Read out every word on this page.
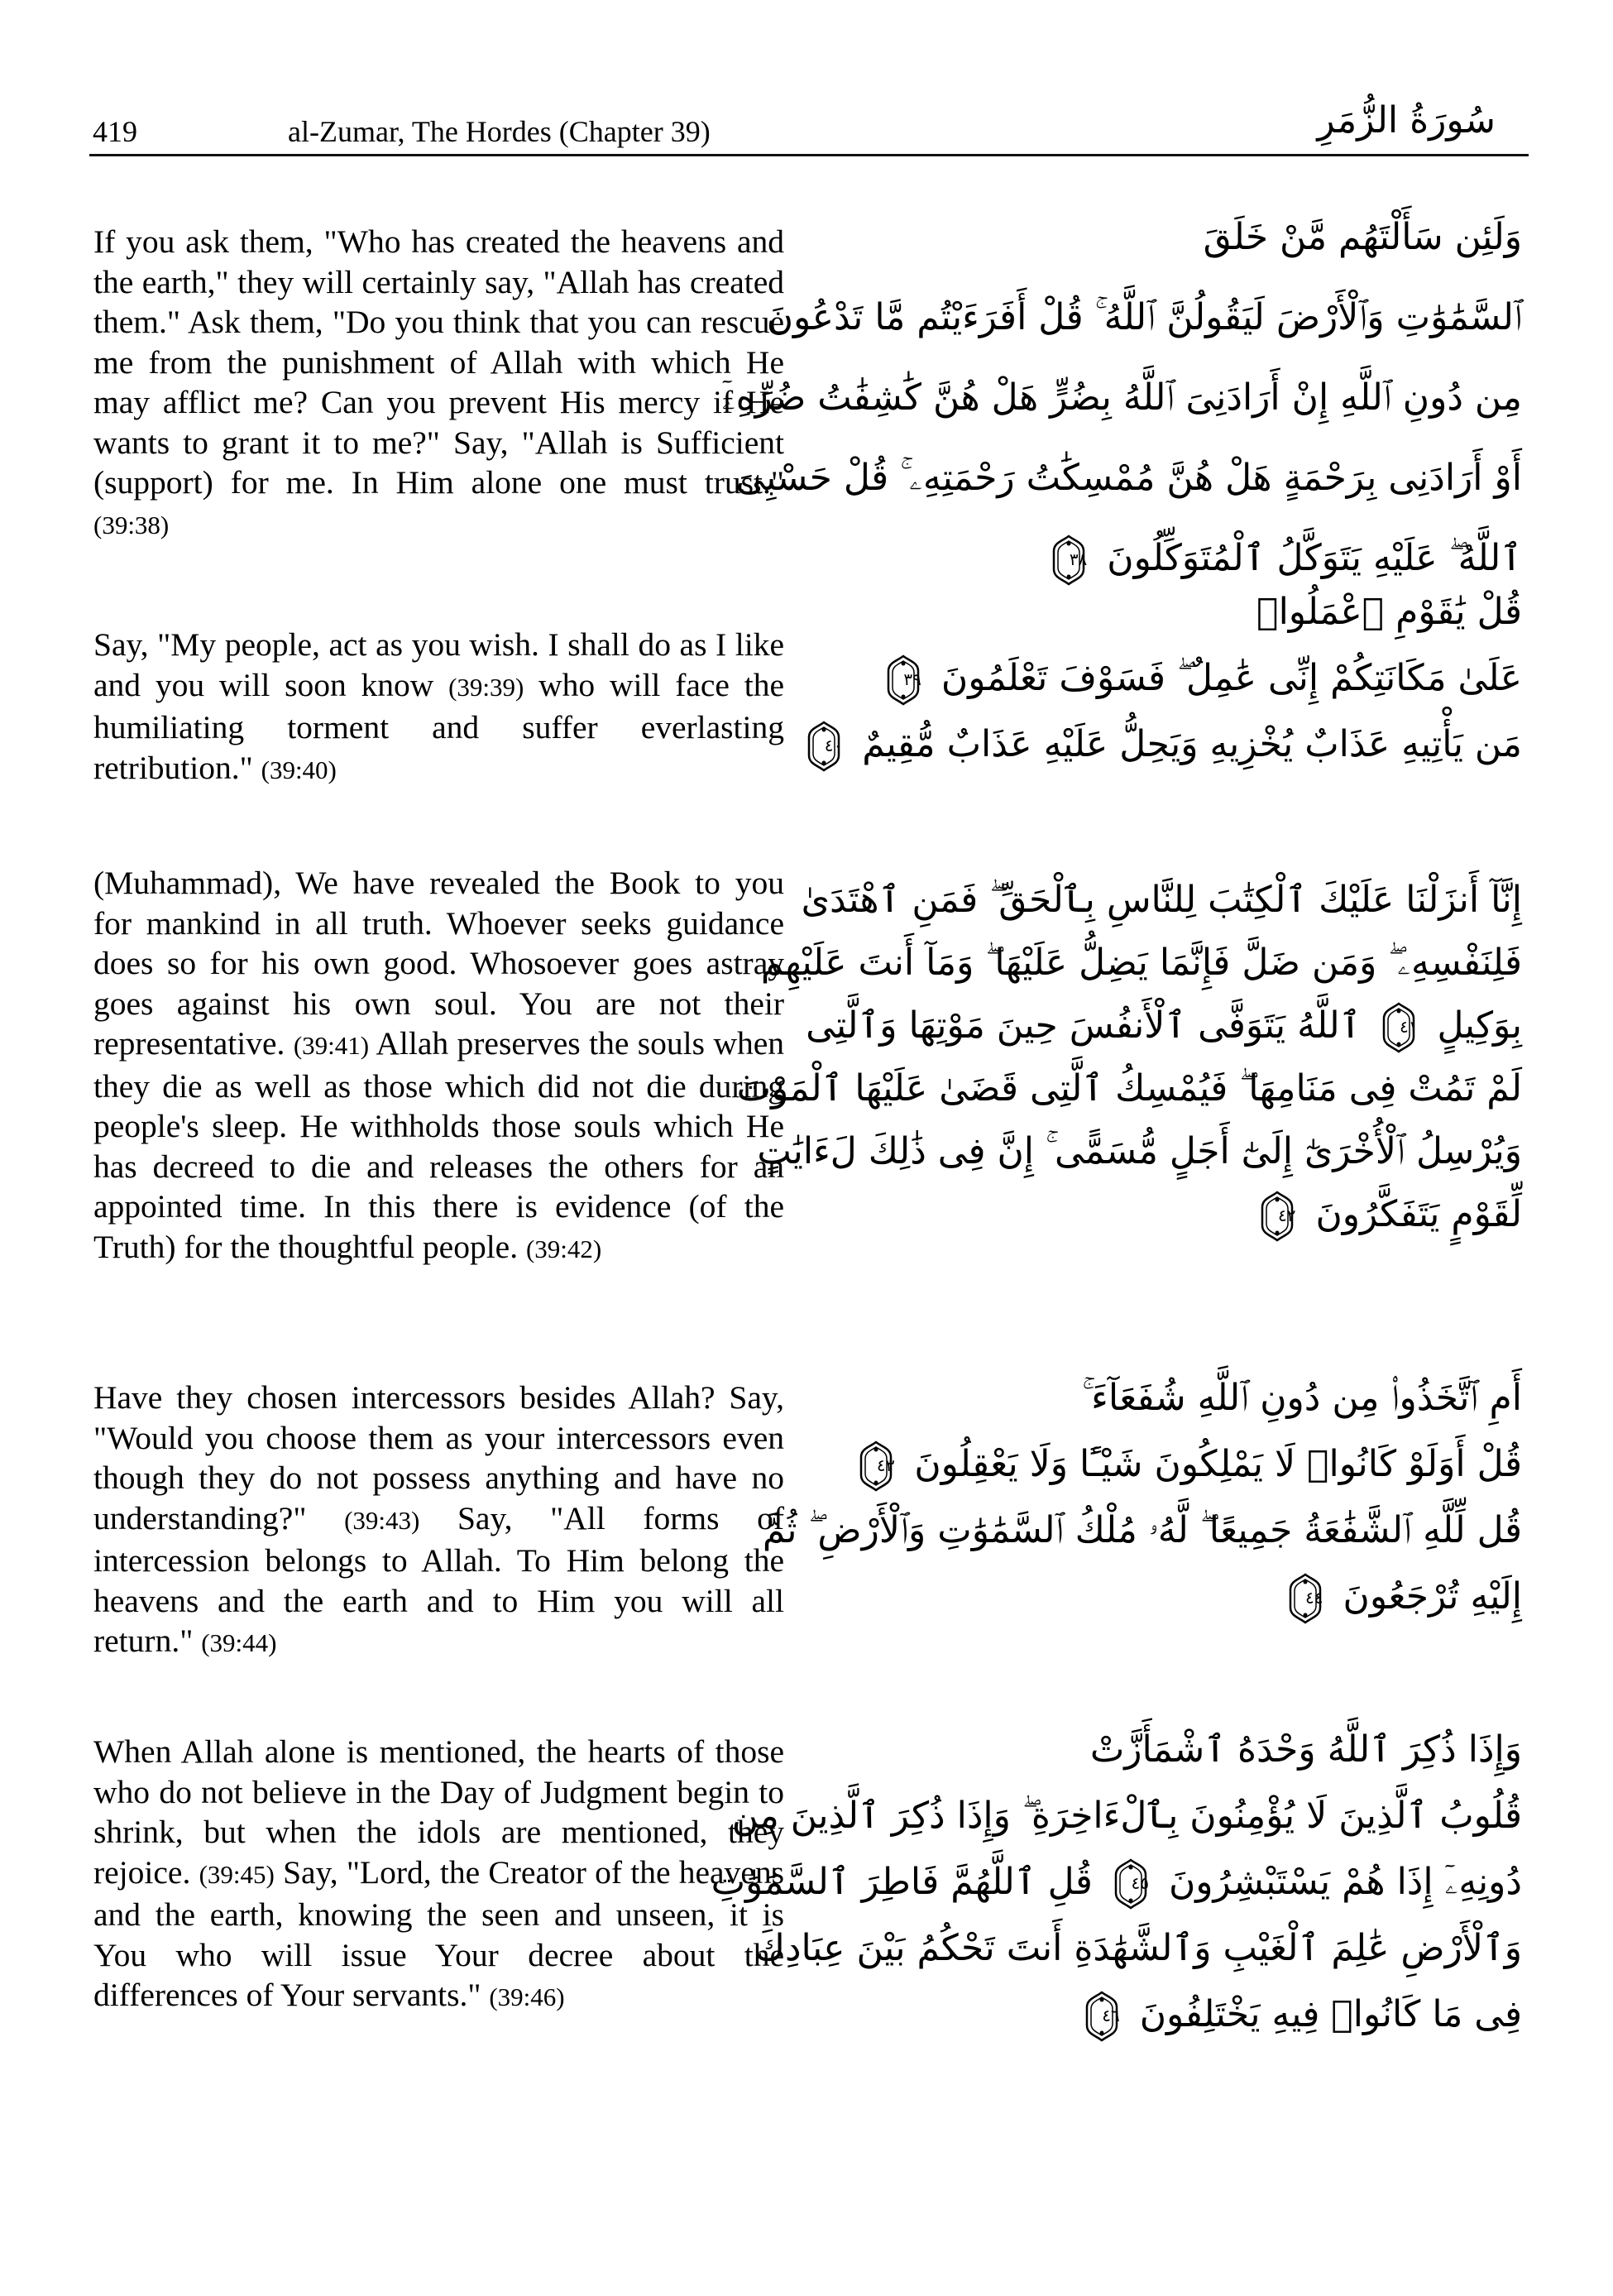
419	al-Zumar, The Hordes (Chapter 39)	سُورَةُ الزُّمَرِ
If you ask them, "Who has created the heavens and the earth," they will certainly say, "Allah has created them." Ask them, "Do you think that you can rescue me from the punishment of Allah with which He may afflict me? Can you prevent His mercy if He wants to grant it to me?" Say, "Allah is Sufficient (support) for me. In Him alone one must trust." (39:38)
وَلَئِن سَأَلْتَهُم مَّنْ خَلَقَ
ٱلسَّمَٰوَٰتِ وَٱلْأَرْضَ لَيَقُولُنَّ ٱللَّهُ ۚ قُلْ أَفَرَءَيْتُم مَّا تَدْعُونَ
مِن دُونِ ٱللَّهِ إِنْ أَرَادَنِىَ ٱللَّهُ بِضُرٍّ هَلْ هُنَّ كَٰشِفَٰتُ ضُرِّهِۦٓ
أَوْ أَرَادَنِى بِرَحْمَةٍ هَلْ هُنَّ مُمْسِكَٰتُ رَحْمَتِهِۦ ۚ قُلْ حَسْبِىَ
ٱللَّهُ ۖ عَلَيْهِ يَتَوَكَّلُ ٱلْمُتَوَكِّلُونَ
٣٨
Say, "My people, act as you wish. I shall do as I like and you will soon know (39:39) who will face the humiliating torment and suffer everlasting retribution." (39:40)
قُلْ يَٰقَوْمِ ٱعْمَلُوا۟
عَلَىٰ مَكَانَتِكُمْ إِنِّى عَٰمِلٌ ۖ فَسَوْفَ تَعْلَمُونَ
٣٩
مَن يَأْتِيهِ عَذَابٌ يُخْزِيهِ وَيَحِلُّ عَلَيْهِ عَذَابٌ مُّقِيمٌ
٤٠
(Muhammad), We have revealed the Book to you for mankind in all truth. Whoever seeks guidance does so for his own good. Whosoever goes astray goes against his own soul. You are not their representative. (39:41) Allah preserves the souls when they die as well as those which did not die during people's sleep. He withholds those souls which He has decreed to die and releases the others for an appointed time. In this there is evidence (of the Truth) for the thoughtful people. (39:42)
إِنَّآ أَنزَلْنَا عَلَيْكَ ٱلْكِتَٰبَ لِلنَّاسِ بِٱلْحَقِّ ۖ فَمَنِ ٱهْتَدَىٰ
فَلِنَفْسِهِۦ ۖ وَمَن ضَلَّ فَإِنَّمَا يَضِلُّ عَلَيْهَا ۖ وَمَآ أَنتَ عَلَيْهِم
بِوَكِيلٍ
٤١
ٱللَّهُ يَتَوَفَّى ٱلْأَنفُسَ حِينَ مَوْتِهَا وَٱلَّتِى
لَمْ تَمُتْ فِى مَنَامِهَا ۖ فَيُمْسِكُ ٱلَّتِى قَضَىٰ عَلَيْهَا ٱلْمَوْتَ
وَيُرْسِلُ ٱلْأُخْرَىٰٓ إِلَىٰٓ أَجَلٍ مُّسَمًّى ۚ إِنَّ فِى ذَٰلِكَ لَءَايَٰتٍ
لِّقَوْمٍ يَتَفَكَّرُونَ
٤٢
Have they chosen intercessors besides Allah? Say, "Would you choose them as your intercessors even though they do not possess anything and have no understanding?" (39:43) Say, "All forms of intercession belongs to Allah. To Him belong the heavens and the earth and to Him you will all return." (39:44)
أَمِ ٱتَّخَذُوا۟ مِن دُونِ ٱللَّهِ شُفَعَآءَ ۚ
قُلْ أَوَلَوْ كَانُوا۟ لَا يَمْلِكُونَ شَيْـًٔا وَلَا يَعْقِلُونَ
٤٣
قُل لِّلَّهِ ٱلشَّفَٰعَةُ جَمِيعًا ۖ لَّهُۥ مُلْكُ ٱلسَّمَٰوَٰتِ وَٱلْأَرْضِ ۖ ثُمَّ
إِلَيْهِ تُرْجَعُونَ
٤٤
When Allah alone is mentioned, the hearts of those who do not believe in the Day of Judgment begin to shrink, but when the idols are mentioned, they rejoice. (39:45) Say, "Lord, the Creator of the heavens and the earth, knowing the seen and unseen, it is You who will issue Your decree about the differences of Your servants." (39:46)
وَإِذَا ذُكِرَ ٱللَّهُ وَحْدَهُ ٱشْمَأَزَّتْ
قُلُوبُ ٱلَّذِينَ لَا يُؤْمِنُونَ بِٱلْءَاخِرَةِ ۖ وَإِذَا ذُكِرَ ٱلَّذِينَ مِن
دُونِهِۦٓ إِذَا هُمْ يَسْتَبْشِرُونَ
٤٥
قُلِ ٱللَّهُمَّ فَاطِرَ ٱلسَّمَٰوَٰتِ
وَٱلْأَرْضِ عَٰلِمَ ٱلْغَيْبِ وَٱلشَّهَٰدَةِ أَنتَ تَحْكُمُ بَيْنَ عِبَادِكَ
فِى مَا كَانُوا۟ فِيهِ يَخْتَلِفُونَ
٤٦
